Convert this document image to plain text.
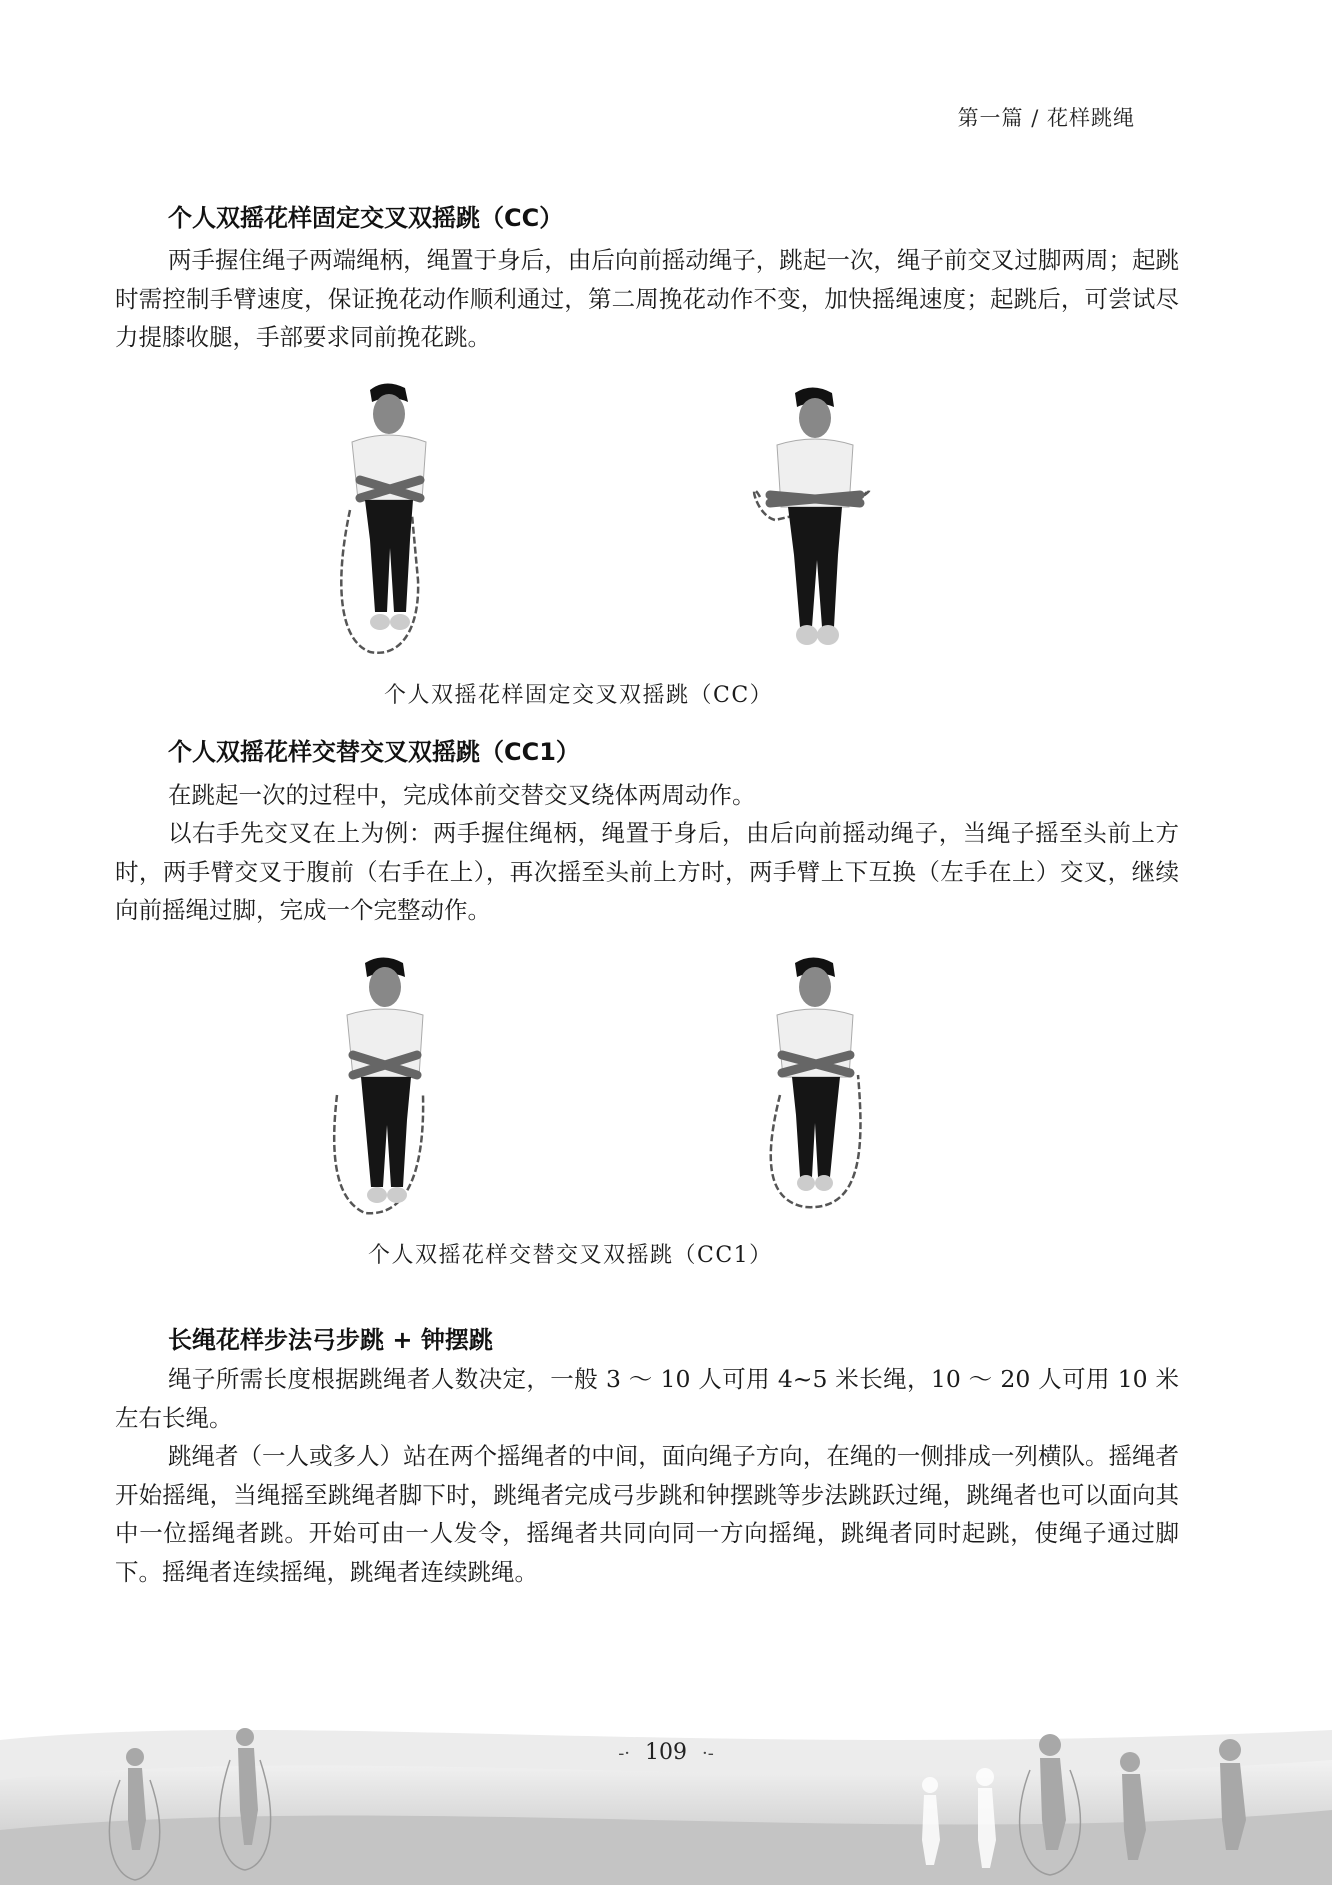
第一篇 / 花样跳绳
个人双摇花样固定交叉双摇跳（CC）

两手握住绳子两端绳柄，绳置于身后，由后向前摇动绳子，跳起一次，绳子前交叉过脚两周；起跳时需控制手臂速度，保证挽花动作顺利通过，第二周挽花动作不变，加快摇绳速度；起跳后，可尝试尽力提膝收腿，手部要求同前挽花跳。

个人双摇花样固定交叉双摇跳（CC）
个人双摇花样交替交叉双摇跳（CC1）

在跳起一次的过程中，完成体前交替交叉绕体两周动作。

以右手先交叉在上为例：两手握住绳柄，绳置于身后，由后向前摇动绳子，当绳子摇至头前上方时，两手臂交叉于腹前（右手在上），再次摇至头前上方时，两手臂上下互换（左手在上）交叉，继续向前摇绳过脚，完成一个完整动作。

个人双摇花样交替交叉双摇跳（CC1）
长绳花样步法弓步跳 + 钟摆跳

绳子所需长度根据跳绳者人数决定，一般 3 ～ 10 人可用 4~5 米长绳，10 ～ 20 人可用 10 米左右长绳。

跳绳者（一人或多人）站在两个摇绳者的中间，面向绳子方向，在绳的一侧排成一列横队。摇绳者开始摇绳，当绳摇至跳绳者脚下时，跳绳者完成弓步跳和钟摆跳等步法跳跃过绳，跳绳者也可以面向其中一位摇绳者跳。开始可由一人发令，摇绳者共同向同一方向摇绳，跳绳者同时起跳，使绳子通过脚下。摇绳者连续摇绳，跳绳者连续跳绳。

-· 109 ·-
